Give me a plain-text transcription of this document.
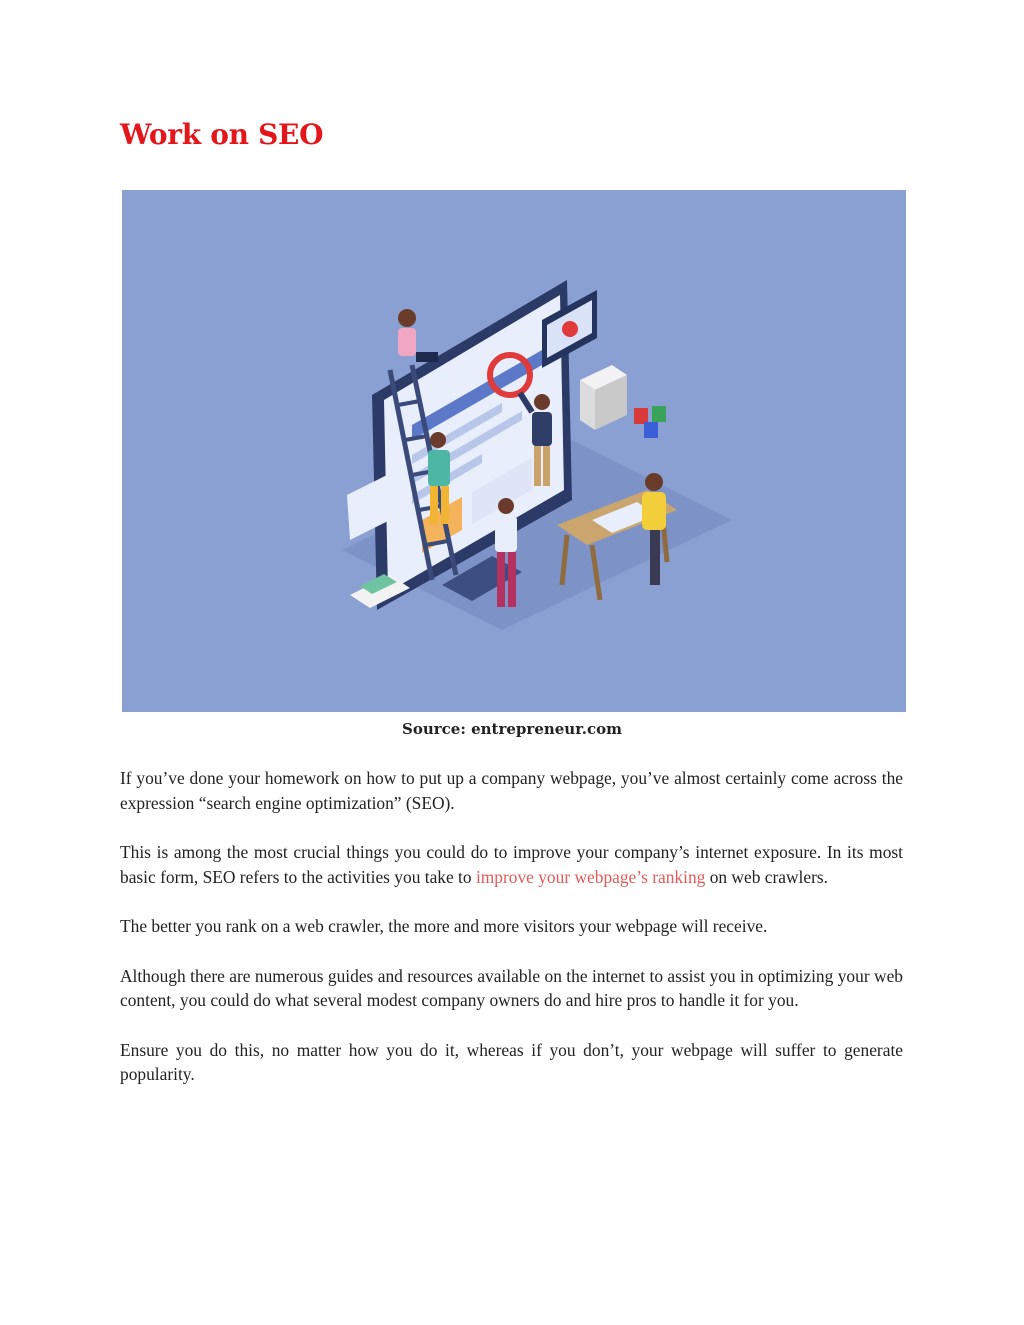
Work on SEO
Source: entrepreneur.com

If you’ve done your homework on how to put up a company webpage, you’ve almost certainly come across the expression “search engine optimization” (SEO).

This is among the most crucial things you could do to improve your company’s internet exposure. In its most basic form, SEO refers to the activities you take to improve your webpage’s ranking on web crawlers.

The better you rank on a web crawler, the more and more visitors your webpage will receive.

Although there are numerous guides and resources available on the internet to assist you in optimizing your web content, you could do what several modest company owners do and hire pros to handle it for you.

Ensure you do this, no matter how you do it, whereas if you don’t, your webpage will suffer to generate popularity.
